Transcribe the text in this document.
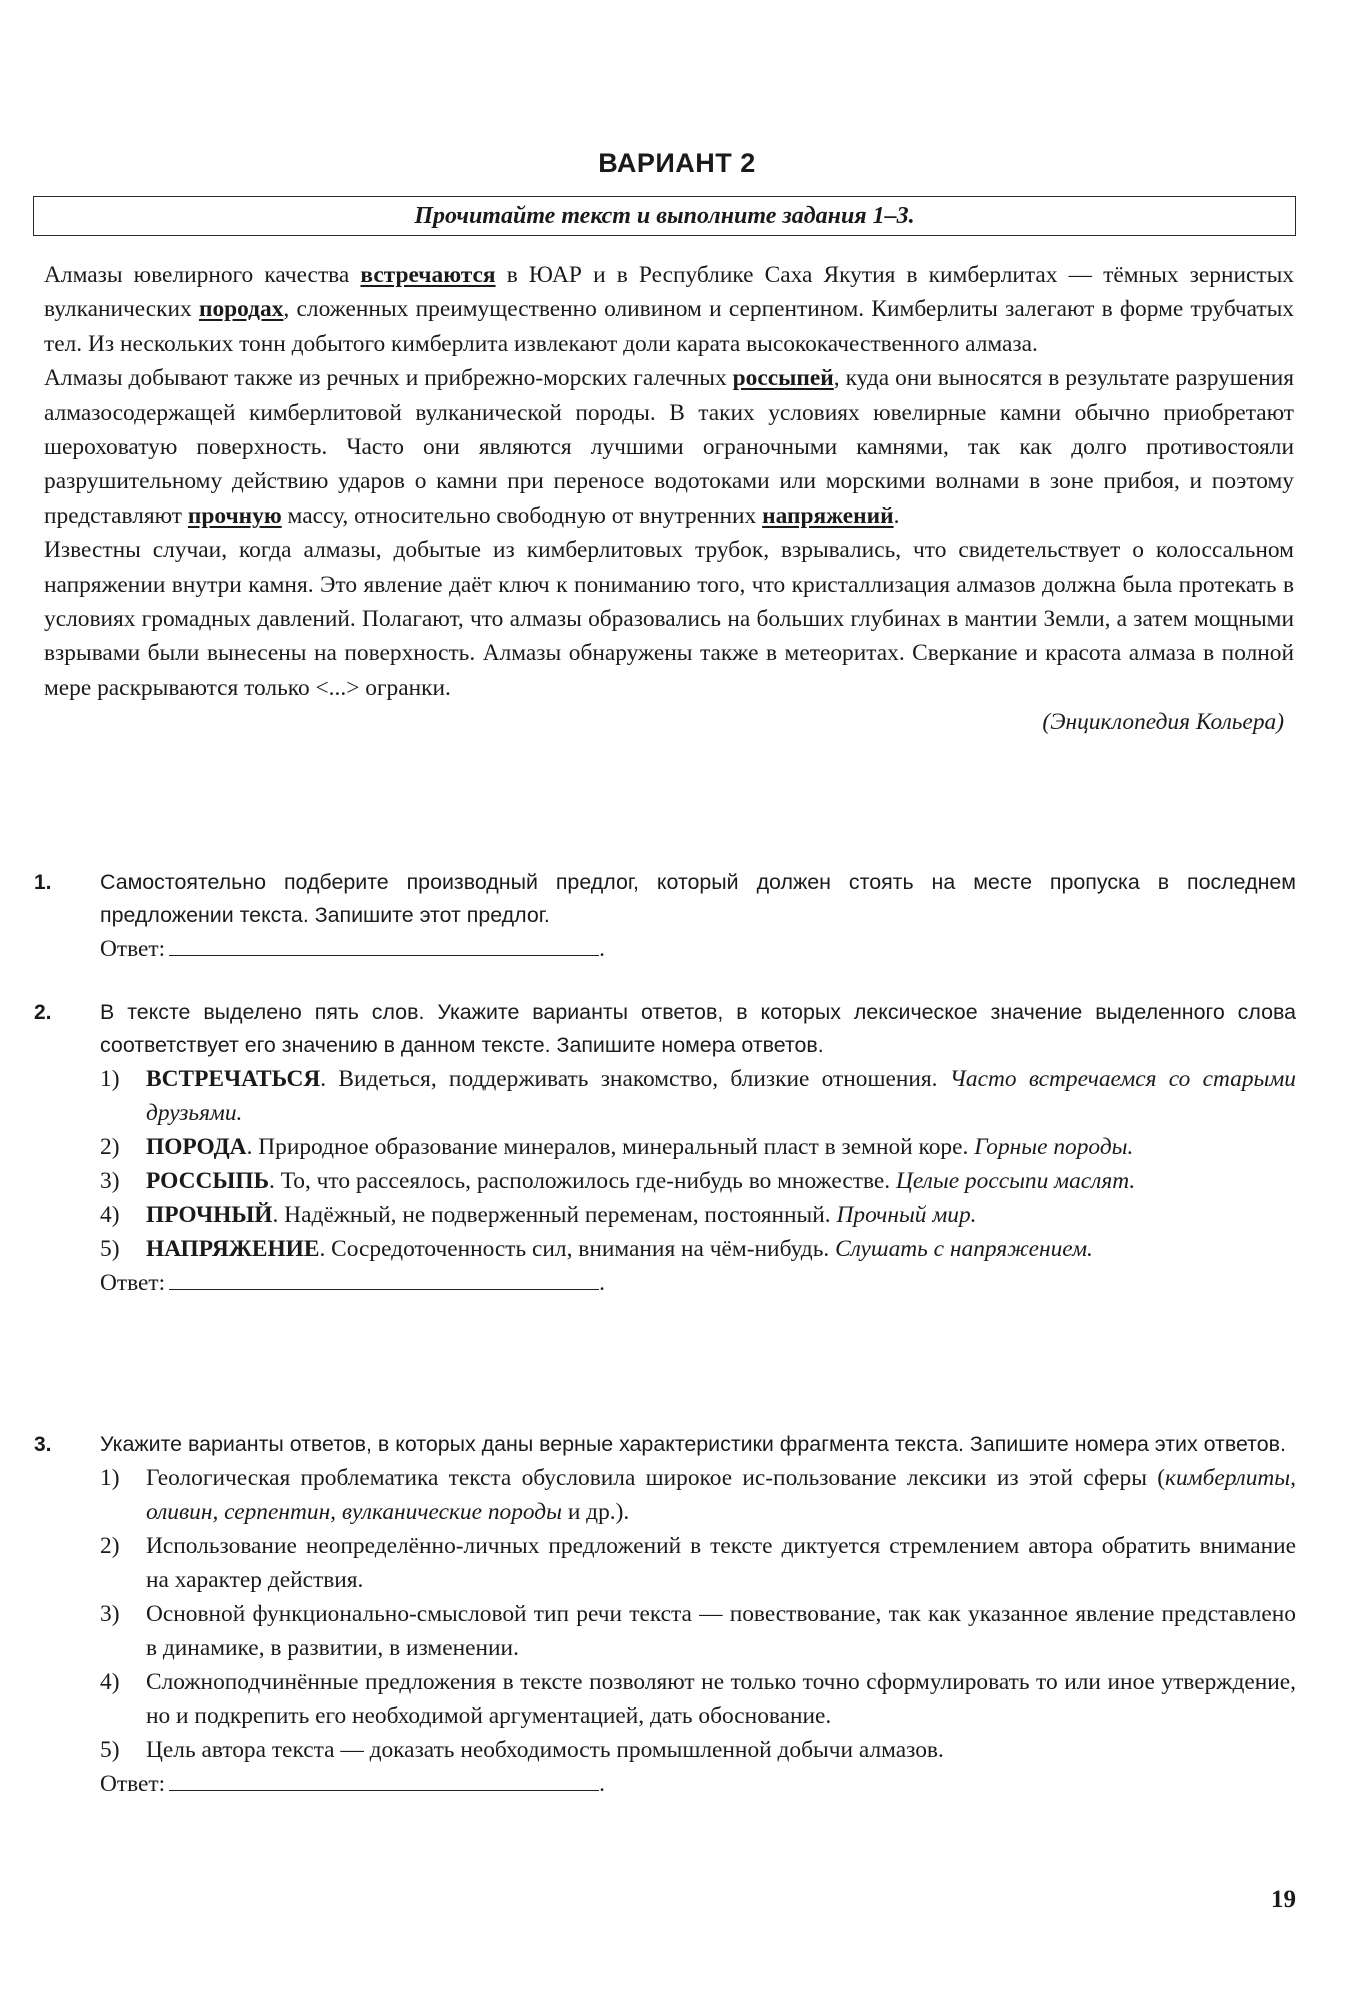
ВАРИАНТ 2
Прочитайте текст и выполните задания 1–3.

Алмазы ювелирного качества встречаются в ЮАР и в Республике Саха Якутия в кимберлитах — тёмных зернистых вулканических породах, сложенных преимущественно оливином и серпентином. Кимберлиты залегают в форме трубчатых тел. Из нескольких тонн добытого кимберлита извлекают доли карата высококачественного алмаза.

Алмазы добывают также из речных и прибрежно-морских галечных россыпей, куда они выносятся в результате разрушения алмазосодержащей кимберлитовой вулканической породы. В таких условиях ювелирные камни обычно приобретают шероховатую поверхность. Часто они являются лучшими ограночными камнями, так как долго противостояли разрушительному действию ударов о камни при переносе водотоками или морскими волнами в зоне прибоя, и поэтому представляют прочную массу, относительно свободную от внутренних напряжений.

Известны случаи, когда алмазы, добытые из кимберлитовых трубок, взрывались, что свидетельствует о колоссальном напряжении внутри камня. Это явление даёт ключ к пониманию того, что кристаллизация алмазов должна была протекать в условиях громадных давлений. Полагают, что алмазы образовались на больших глубинах в мантии Земли, а затем мощными взрывами были вынесены на поверхность. Алмазы обнаружены также в метеоритах. Сверкание и красота алмаза в полной мере раскрываются только <...> огранки.

(Энциклопедия Кольера)

1. Самостоятельно подберите производный предлог, который должен стоять на месте пропуска в последнем предложении текста. Запишите этот предлог.
Ответ:	.
2. В тексте выделено пять слов. Укажите варианты ответов, в которых лексическое значение выделенного слова соответствует его значению в данном тексте. Запишите номера ответов.
1) ВСТРЕЧАТЬСЯ. Видеться, поддерживать знакомство, близкие отношения. Часто встречаемся со старыми друзьями.
2) ПОРОДА. Природное образование минералов, минеральный пласт в земной коре. Горные породы.
3) РОССЫПЬ. То, что рассеялось, расположилось где-нибудь во множестве. Целые россыпи маслят.
4) ПРОЧНЫЙ. Надёжный, не подверженный переменам, постоянный. Прочный мир.
5) НАПРЯЖЕНИЕ. Сосредоточенность сил, внимания на чём-нибудь. Слушать с напряжением.
Ответ:	.
3. Укажите варианты ответов, в которых даны верные характеристики фрагмента текста. Запишите номера этих ответов.
1) Геологическая проблематика текста обусловила широкое ис-пользование лексики из этой сферы (кимберлиты, оливин, серпентин, вулканические породы и др.).
2) Использование неопределённо-личных предложений в тексте диктуется стремлением автора обратить внимание на характер действия.
3) Основной функционально-смысловой тип речи текста — повествование, так как указанное явление представлено в динамике, в развитии, в изменении.
4) Сложноподчинённые предложения в тексте позволяют не только точно сформулировать то или иное утверждение, но и подкрепить его необходимой аргументацией, дать обоснование.
5) Цель автора текста — доказать необходимость промышленной добычи алмазов.
Ответ:	.
19
